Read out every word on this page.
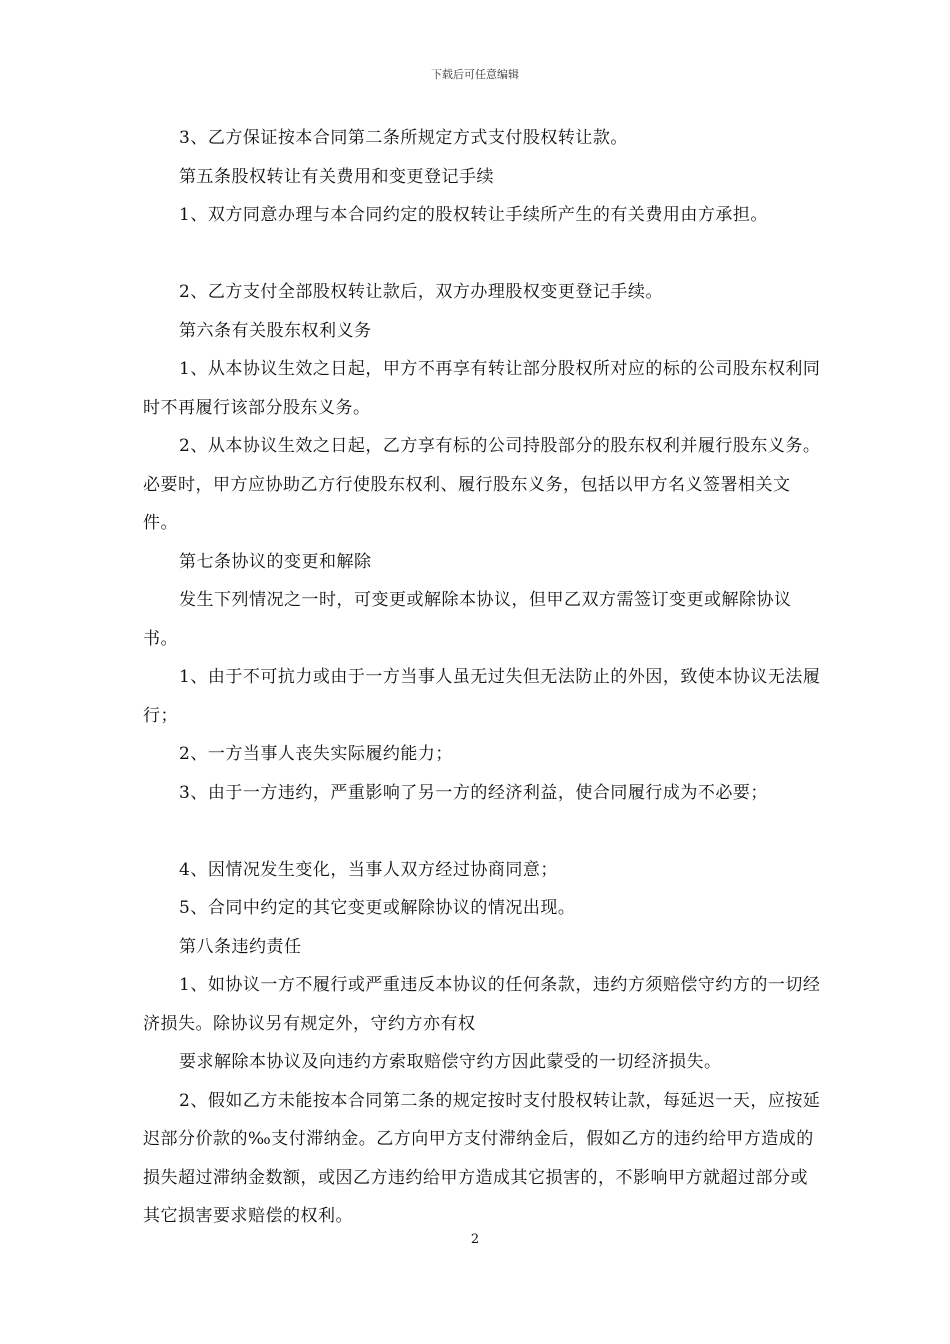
下载后可任意编辑

3、乙方保证按本合同第二条所规定方式支付股权转让款。

第五条股权转让有关费用和变更登记手续

1、双方同意办理与本合同约定的股权转让手续所产生的有关费用由方承担。

2、乙方支付全部股权转让款后，双方办理股权变更登记手续。

第六条有关股东权利义务

1、从本协议生效之日起，甲方不再享有转让部分股权所对应的标的公司股东权利同时不再履行该部分股东义务。

2、从本协议生效之日起，乙方享有标的公司持股部分的股东权利并履行股东义务。必要时，甲方应协助乙方行使股东权利、履行股东义务，包括以甲方名义签署相关文件。

第七条协议的变更和解除

发生下列情况之一时，可变更或解除本协议，但甲乙双方需签订变更或解除协议书。

1、由于不可抗力或由于一方当事人虽无过失但无法防止的外因，致使本协议无法履行；

2、一方当事人丧失实际履约能力；

3、由于一方违约，严重影响了另一方的经济利益，使合同履行成为不必要；

4、因情况发生变化，当事人双方经过协商同意；

5、合同中约定的其它变更或解除协议的情况出现。

第八条违约责任

1、如协议一方不履行或严重违反本协议的任何条款，违约方须赔偿守约方的一切经济损失。除协议另有规定外，守约方亦有权

要求解除本协议及向违约方索取赔偿守约方因此蒙受的一切经济损失。

2、假如乙方未能按本合同第二条的规定按时支付股权转让款，每延迟一天，应按延迟部分价款的‰支付滞纳金。乙方向甲方支付滞纳金后，假如乙方的违约给甲方造成的损失超过滞纳金数额，或因乙方违约给甲方造成其它损害的，不影响甲方就超过部分或其它损害要求赔偿的权利。

2
